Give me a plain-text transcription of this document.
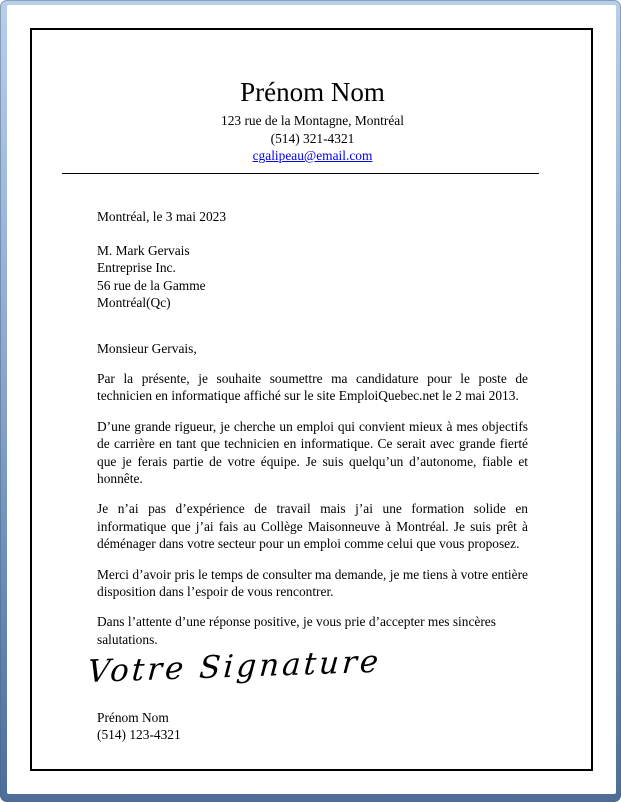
Prénom Nom
123 rue de la Montagne, Montréal
(514) 321-4321
cgalipeau@email.com
Montréal, le 3 mai 2023
M. Mark Gervais
Entreprise Inc.
56 rue de la Gamme
Montréal(Qc)
Monsieur Gervais,

Par la présente, je souhaite soumettre ma candidature pour le poste de technicien en informatique affiché sur le site EmploiQuebec.net le 2 mai 2013.

D’une grande rigueur, je cherche un emploi qui convient mieux à mes objectifs de carrière en tant que technicien en informatique. Ce serait avec grande fierté que je ferais partie de votre équipe. Je suis quelqu’un d’autonome, fiable et honnête.

Je n’ai pas d’expérience de travail mais j’ai une formation solide en informatique que j’ai fais au Collège Maisonneuve à Montréal. Je suis prêt à déménager dans votre secteur pour un emploi comme celui que vous proposez.

Merci d’avoir pris le temps de consulter ma demande, je me tiens à votre entière disposition dans l’espoir de vous rencontrer.

Dans l’attente d’une réponse positive, je vous prie d’accepter mes sincères salutations.

Votre Signature
Prénom Nom
(514) 123-4321
